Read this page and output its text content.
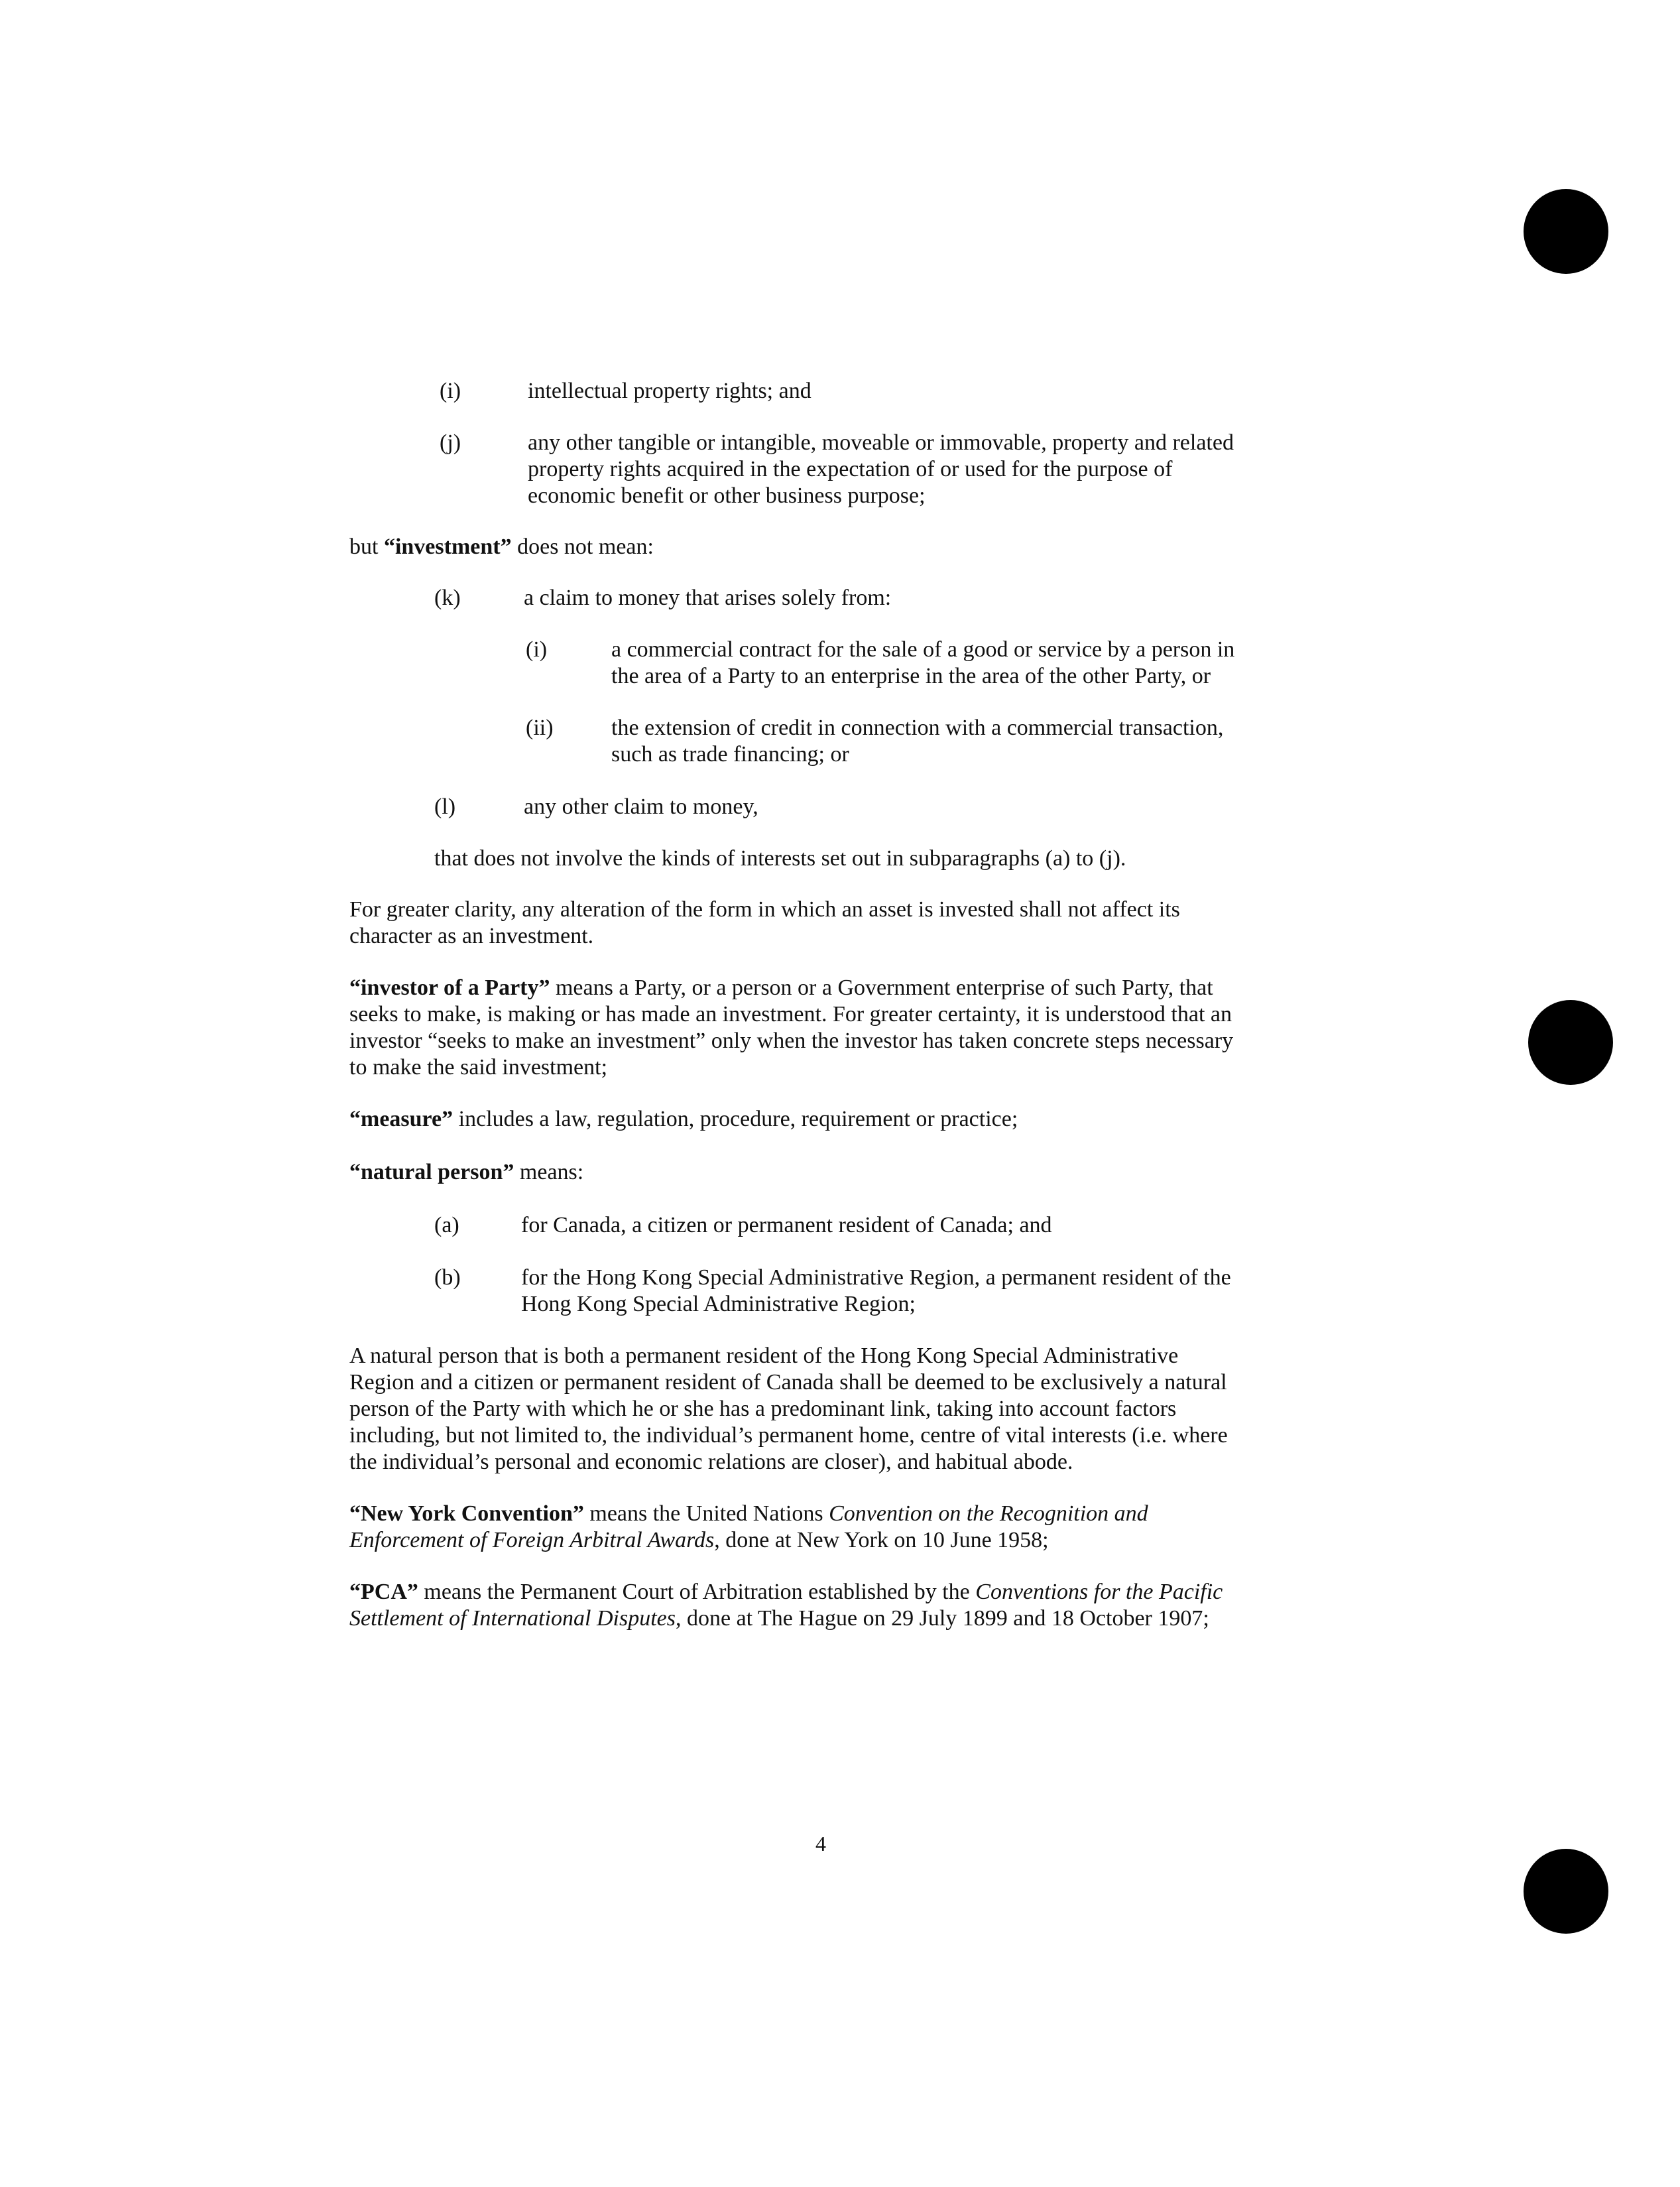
(i)	intellectual property rights; and
(j)	any other tangible or intangible, moveable or immovable, property and related
property rights acquired in the expectation of or used for the purpose of
economic benefit or other business purpose;
but “investment” does not mean:
(k)	a claim to money that arises solely from:
(i)	a commercial contract for the sale of a good or service by a person in
the area of a Party to an enterprise in the area of the other Party, or
(ii)	the extension of credit in connection with a commercial transaction,
such as trade financing; or
(l)	any other claim to money,
that does not involve the kinds of interests set out in subparagraphs (a) to (j).
For greater clarity, any alteration of the form in which an asset is invested shall not affect its
character as an investment.
“investor of a Party” means a Party, or a person or a Government enterprise of such Party, that
seeks to make, is making or has made an investment. For greater certainty, it is understood that an
investor “seeks to make an investment” only when the investor has taken concrete steps necessary
to make the said investment;
“measure” includes a law, regulation, procedure, requirement or practice;
“natural person” means:
(a)	for Canada, a citizen or permanent resident of Canada; and
(b)	for the Hong Kong Special Administrative Region, a permanent resident of the
Hong Kong Special Administrative Region;
A natural person that is both a permanent resident of the Hong Kong Special Administrative
Region and a citizen or permanent resident of Canada shall be deemed to be exclusively a natural
person of the Party with which he or she has a predominant link, taking into account factors
including, but not limited to, the individual’s permanent home, centre of vital interests (i.e. where
the individual’s personal and economic relations are closer), and habitual abode.
“New York Convention” means the United Nations Convention on the Recognition and
Enforcement of Foreign Arbitral Awards, done at New York on 10 June 1958;
“PCA” means the Permanent Court of Arbitration established by the Conventions for the Pacific
Settlement of International Disputes, done at The Hague on 29 July 1899 and 18 October 1907;
4
